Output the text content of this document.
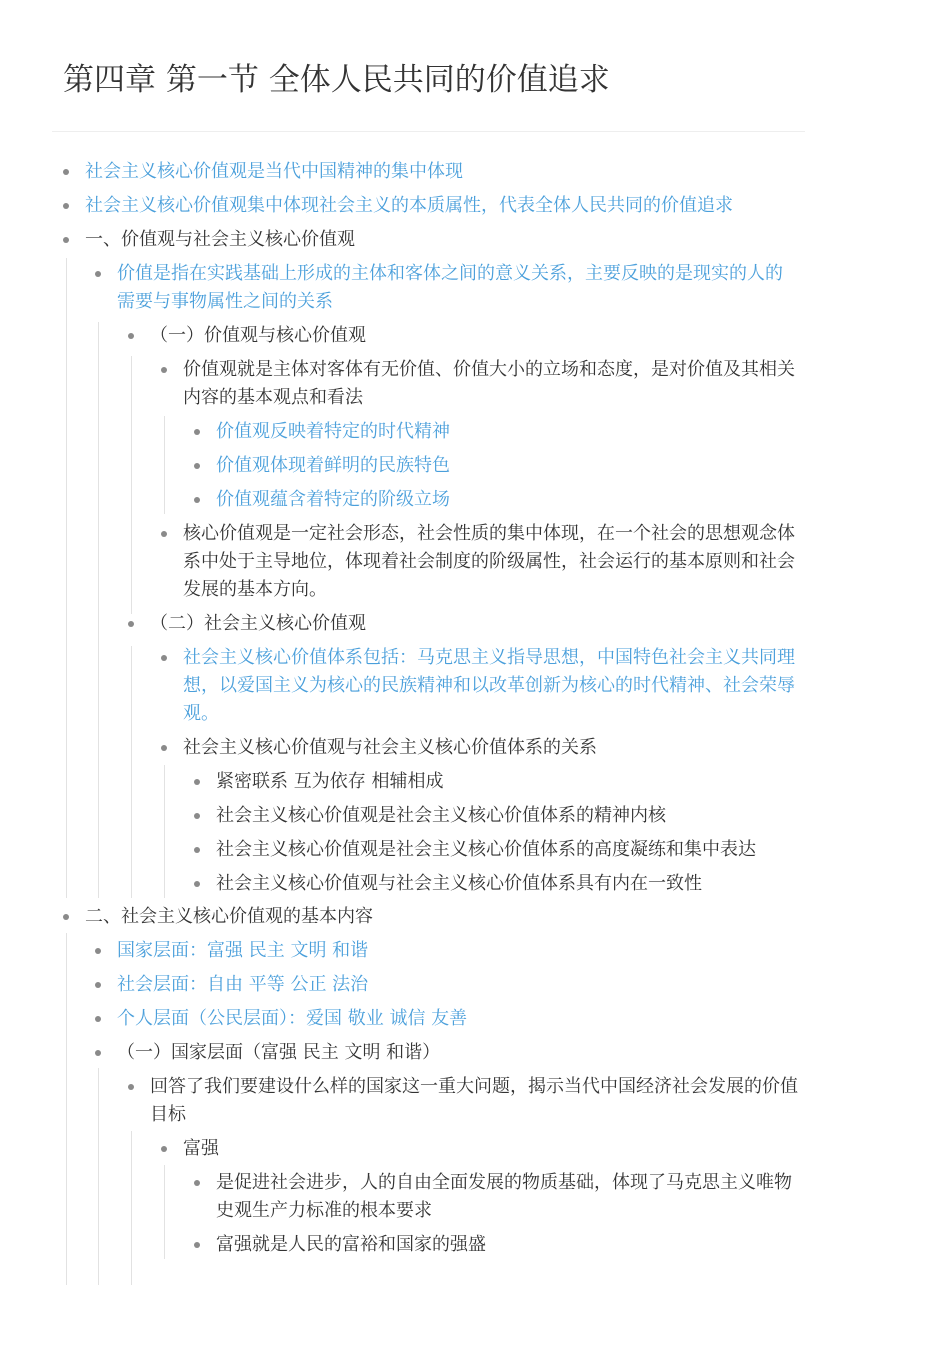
第四章 第一节 全体人民共同的价值追求
社会主义核心价值观是当代中国精神的集中体现
社会主义核心价值观集中体现社会主义的本质属性，代表全体人民共同的价值追求
一、价值观与社会主义核心价值观
价值是指在实践基础上形成的主体和客体之间的意义关系，主要反映的是现实的人的需要与事物属性之间的关系
（一）价值观与核心价值观
价值观就是主体对客体有无价值、价值大小的立场和态度，是对价值及其相关内容的基本观点和看法
价值观反映着特定的时代精神
价值观体现着鲜明的民族特色
价值观蕴含着特定的阶级立场
核心价值观是一定社会形态，社会性质的集中体现，在一个社会的思想观念体系中处于主导地位，体现着社会制度的阶级属性，社会运行的基本原则和社会发展的基本方向。
（二）社会主义核心价值观
社会主义核心价值体系包括：马克思主义指导思想，中国特色社会主义共同理想，以爱国主义为核心的民族精神和以改革创新为核心的时代精神、社会荣辱观。
社会主义核心价值观与社会主义核心价值体系的关系
紧密联系 互为依存 相辅相成
社会主义核心价值观是社会主义核心价值体系的精神内核
社会主义核心价值观是社会主义核心价值体系的高度凝练和集中表达
社会主义核心价值观与社会主义核心价值体系具有内在一致性
二、社会主义核心价值观的基本内容
国家层面：富强 民主 文明 和谐
社会层面：自由 平等 公正 法治
个人层面（公民层面）：爱国 敬业 诚信 友善
（一）国家层面（富强 民主 文明 和谐）
回答了我们要建设什么样的国家这一重大问题，揭示当代中国经济社会发展的价值目标
富强
是促进社会进步，人的自由全面发展的物质基础，体现了马克思主义唯物史观生产力标准的根本要求
富强就是人民的富裕和国家的强盛
